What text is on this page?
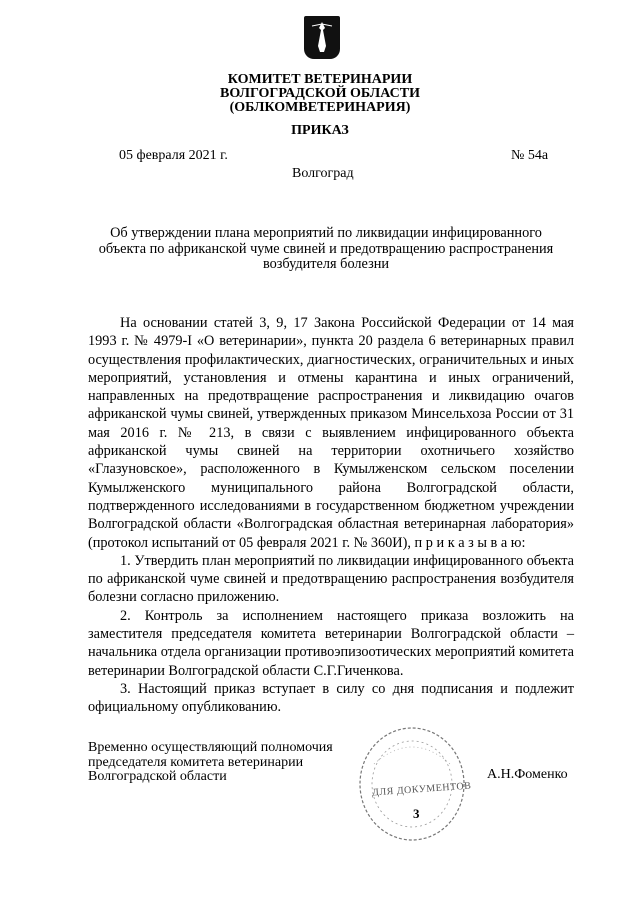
КОМИТЕТ ВЕТЕРИНАРИИ
ВОЛГОГРАДСКОЙ ОБЛАСТИ
(ОБЛКОМВЕТЕРИНАРИЯ)
ПРИКАЗ
05 февраля 2021 г.	№ 54а
Волгоград
Об утверждении плана мероприятий по ликвидации инфицированного объекта по африканской чуме свиней и предотвращению распространения возбудителя болезни

На основании статей 3, 9, 17 Закона Российской Федерации от 14 мая 1993 г. № 4979-I «О ветеринарии», пункта 20 раздела 6 ветеринарных правил осуществления профилактических, диагностических, ограничительных и иных мероприятий, установления и отмены карантина и иных ограничений, направленных на предотвращение распространения и ликвидацию очагов африканской чумы свиней, утвержденных приказом Минсельхоза России от 31 мая 2016 г. № 213, в связи с выявлением инфицированного объекта африканской чумы свиней на территории охотничьего хозяйство «Глазуновское», расположенного в Кумылженском сельском поселении Кумылженского муниципального района Волгоградской области, подтвержденного исследованиями в государственном бюджетном учреждении Волгоградской области «Волгоградская областная ветеринарная лаборатория» (протокол испытаний от 05 февраля 2021 г. № 360И), п р и к а з ы в а ю:

1. Утвердить план мероприятий по ликвидации инфицированного объекта по африканской чуме свиней и предотвращению распространения возбудителя болезни согласно приложению.

2. Контроль за исполнением настоящего приказа возложить на заместителя председателя комитета ветеринарии Волгоградской области – начальника отдела организации противоэпизоотических мероприятий комитета ветеринарии Волгоградской области С.Г.Гиченкова.

3. Настоящий приказ вступает в силу со дня подписания и подлежит официальному опубликованию.

Временно осуществляющий полномочия
председателя комитета ветеринарии
Волгоградской области
ДЛЯ ДОКУМЕНТОВ
3
А.Н.Фоменко
